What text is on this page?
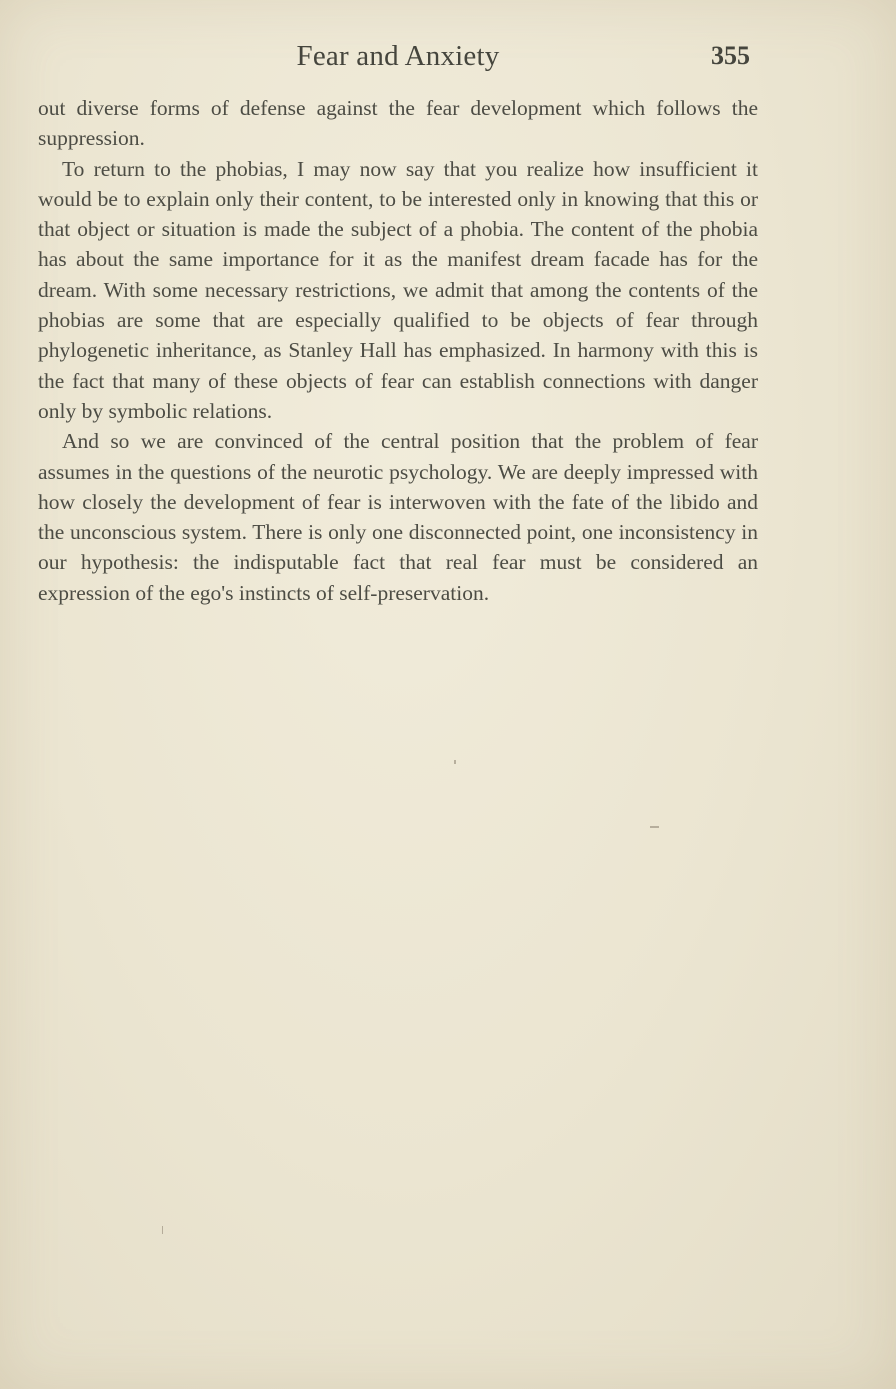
Fear and Anxiety	355

out diverse forms of defense against the fear development which follows the suppression.

To return to the phobias, I may now say that you realize how insufficient it would be to explain only their content, to be interested only in knowing that this or that object or situation is made the subject of a phobia. The content of the phobia has about the same importance for it as the manifest dream facade has for the dream. With some necessary restrictions, we admit that among the contents of the phobias are some that are especially qualified to be objects of fear through phylogenetic inheritance, as Stanley Hall has emphasized. In harmony with this is the fact that many of these objects of fear can establish connections with danger only by symbolic relations.

And so we are convinced of the central position that the problem of fear assumes in the questions of the neurotic psychology. We are deeply impressed with how closely the development of fear is interwoven with the fate of the libido and the unconscious system. There is only one disconnected point, one inconsistency in our hypothesis: the indisputable fact that real fear must be considered an expression of the ego's instincts of self-preservation.
